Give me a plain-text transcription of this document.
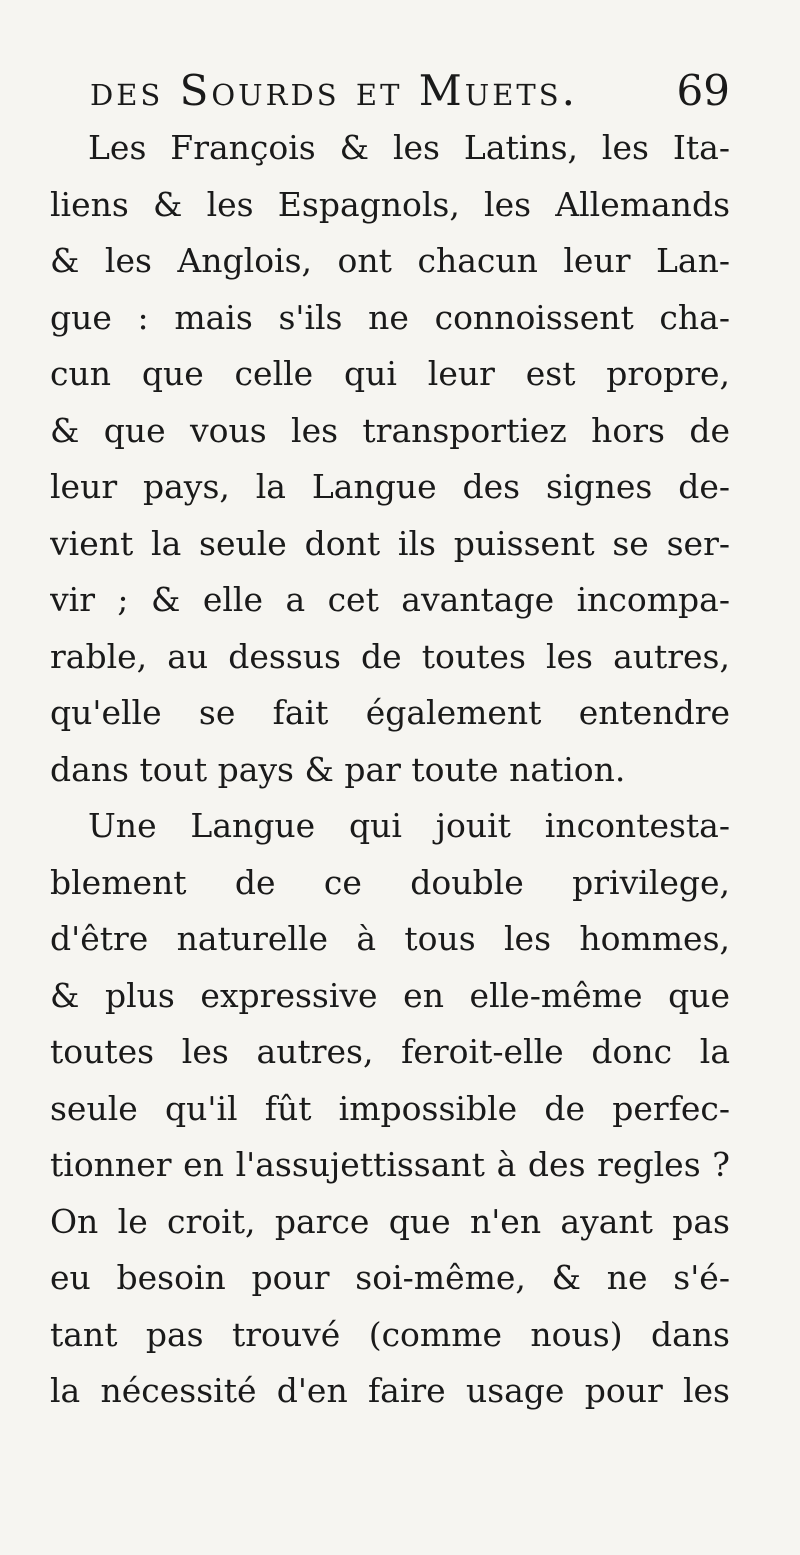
des Sourds et Muets. 69
Les François & les Latins, les Ita-
liens & les Espagnols, les Allemands
& les Anglois, ont chacun leur Lan-
gue : mais s'ils ne connoissent cha-
cun que celle qui leur est propre,
& que vous les transportiez hors de
leur pays, la Langue des signes de-
vient la seule dont ils puissent se ser-
vir ; & elle a cet avantage incompa-
rable, au dessus de toutes les autres,
qu'elle se fait également entendre
dans tout pays & par toute nation.
Une Langue qui jouit incontesta-
blement de ce double privilege,
d'être naturelle à tous les hommes,
& plus expressive en elle-même que
toutes les autres, feroit-elle donc la
seule qu'il fût impossible de perfec-
tionner en l'assujettissant à des regles ?
On le croit, parce que n'en ayant pas
eu besoin pour soi-même, & ne s'é-
tant pas trouvé (comme nous) dans
la nécessité d'en faire usage pour les
